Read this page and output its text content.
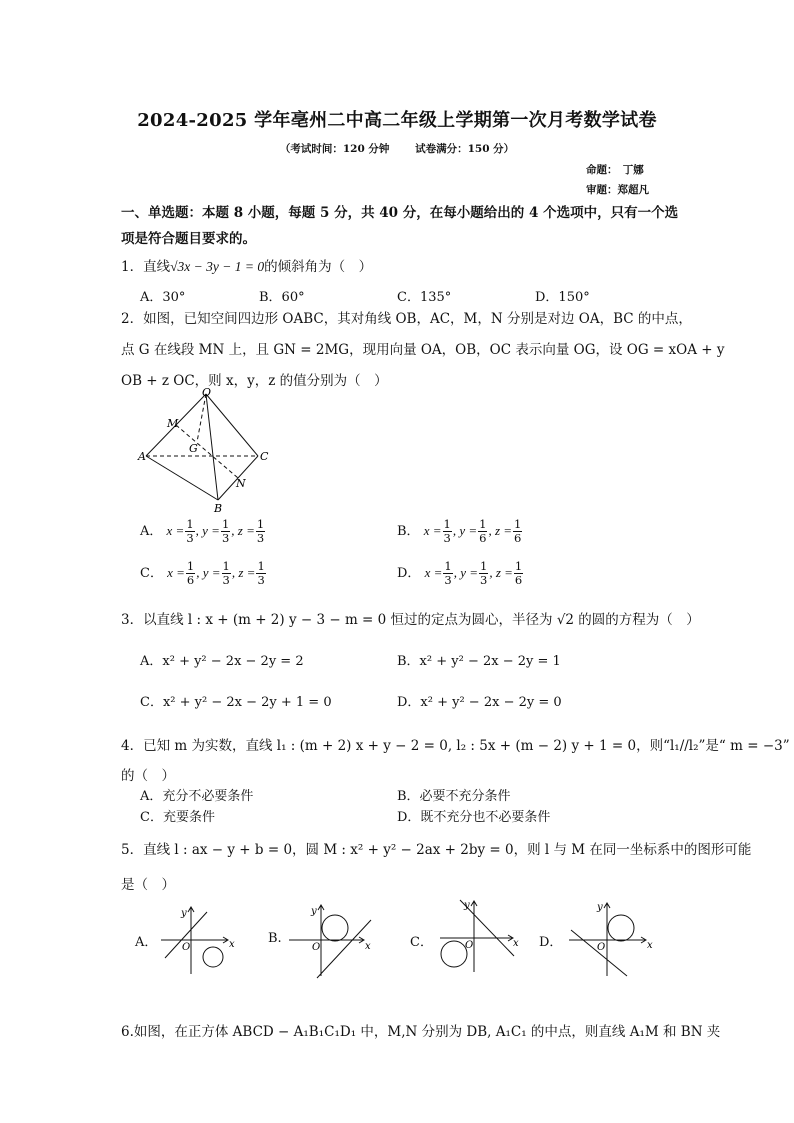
2024-2025 学年亳州二中高二年级上学期第一次月考数学试卷
（考试时间：120 分钟 试卷满分：150 分）
命题：　丁娜
审题：郑超凡
一、单选题：本题 8 小题，每题 5 分，共 40 分，在每小题给出的 4 个选项中，只有一个选项是符合题目要求的。
1．直线√3x − 3y − 1 = 0的倾斜角为（　）
A．30°	B．60°	C．135°	D．150°
2．如图，已知空间四边形 OABC，其对角线 OB，AC，M，N 分别是对边 OA，BC 的中点，
点 G 在线段 MN 上，且 GN = 2MG，现用向量 OA，OB，OC 表示向量 OG，设 OG = xOA + y
OB + z OC，则 x，y，z 的值分别为（　）
O
M
G
A	C
N
B
A． $x = \frac{1}{3}$ , $y = \frac{1}{3}$ , $z = \frac{1}{3}$	B． $x = \frac{1}{3}$ , $y = \frac{1}{6}$ , $z = \frac{1}{6}$
C． $x = \frac{1}{6}$ , $y = \frac{1}{3}$ , $z = \frac{1}{3}$	D． $x = \frac{1}{3}$ , $y = \frac{1}{3}$ , $z = \frac{1}{6}$
3．以直线 l : x + (m + 2) y − 3 − m = 0 恒过的定点为圆心，半径为 √2 的圆的方程为（　）
A．x² + y² − 2x − 2y = 2	B．x² + y² − 2x − 2y = 1
C．x² + y² − 2x − 2y + 1 = 0	D．x² + y² − 2x − 2y = 0
4．已知 m 为实数，直线 l₁ : (m + 2) x + y − 2 = 0, l₂ : 5x + (m − 2) y + 1 = 0，则“l₁//l₂”是“ m = −3”
的（　）
A．充分不必要条件	B．必要不充分条件
C．充要条件	D．既不充分也不必要条件
5．直线 l : ax − y + b = 0，圆 M : x² + y² − 2ax + 2by = 0，则 l 与 M 在同一坐标系中的图形可能
是（　）
A．	x
y
O
B.
x
y
O	C．	x
y
O	D．	x
y
O
6.如图，在正方体 ABCD − A₁B₁C₁D₁ 中，M,N 分别为 DB, A₁C₁ 的中点，则直线 A₁M 和 BN 夹
